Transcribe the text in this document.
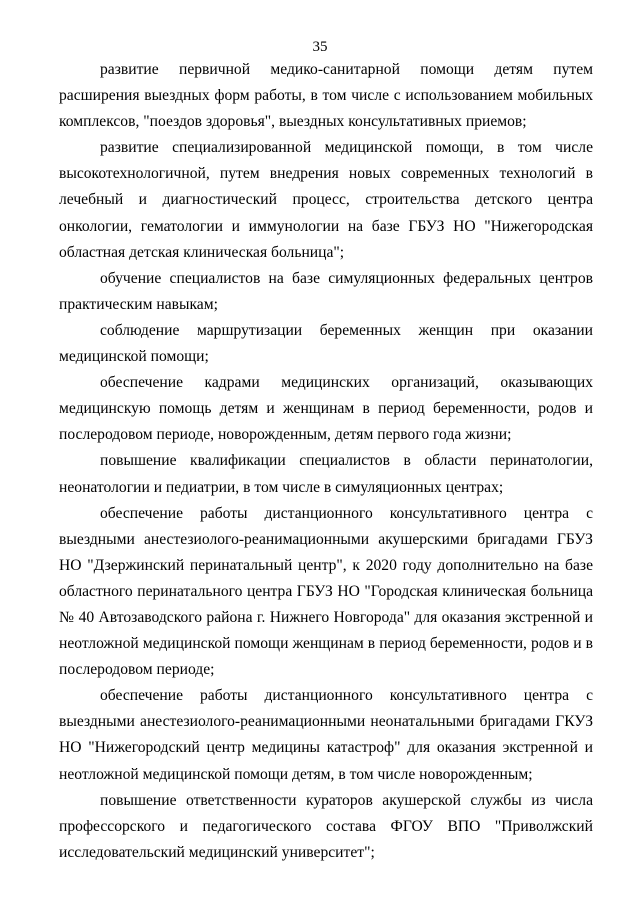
35

развитие первичной медико-санитарной помощи детям путем расширения выездных форм работы, в том числе с использованием мобильных комплексов, "поездов здоровья", выездных консультативных приемов;

развитие специализированной медицинской помощи, в том числе высокотехнологичной, путем внедрения новых современных технологий в лечебный и диагностический процесс, строительства детского центра онкологии, гематологии и иммунологии на базе ГБУЗ НО "Нижегородская областная детская клиническая больница";

обучение специалистов на базе симуляционных федеральных центров практическим навыкам;

соблюдение маршрутизации беременных женщин при оказании медицинской помощи;

обеспечение кадрами медицинских организаций, оказывающих медицинскую помощь детям и женщинам в период беременности, родов и послеродовом периоде, новорожденным, детям первого года жизни;

повышение квалификации специалистов в области перинатологии, неонатологии и педиатрии, в том числе в симуляционных центрах;

обеспечение работы дистанционного консультативного центра с выездными анестезиолого-реанимационными акушерскими бригадами ГБУЗ НО "Дзержинский перинатальный центр", к 2020 году дополнительно на базе областного перинатального центра ГБУЗ НО "Городская клиническая больница № 40 Автозаводского района г. Нижнего Новгорода" для оказания экстренной и неотложной медицинской помощи женщинам в период беременности, родов и в послеродовом периоде;

обеспечение работы дистанционного консультативного центра с выездными анестезиолого-реанимационными неонатальными бригадами ГКУЗ НО "Нижегородский центр медицины катастроф" для оказания экстренной и неотложной медицинской помощи детям, в том числе новорожденным;

повышение ответственности кураторов акушерской службы из числа профессорского и педагогического состава ФГОУ ВПО "Приволжский исследовательский медицинский университет";
